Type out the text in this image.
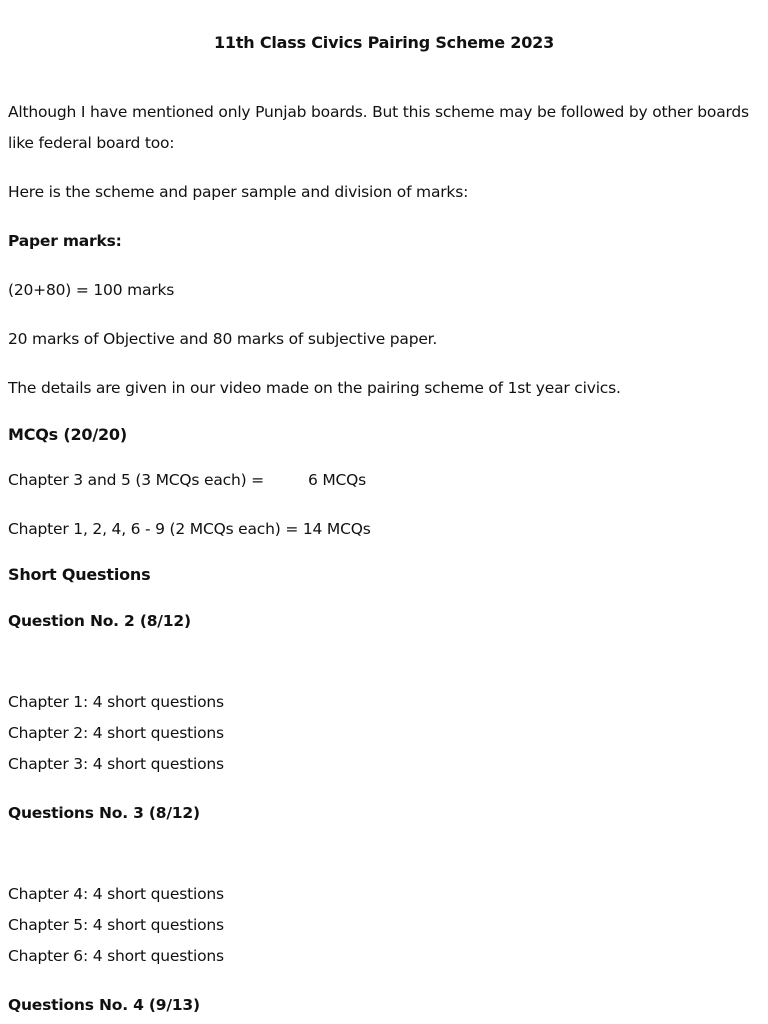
11th Class Civics Pairing Scheme 2023
Although I have mentioned only Punjab boards. But this scheme may be followed by other boards
like federal board too:
Here is the scheme and paper sample and division of marks:
Paper marks:
(20+80) = 100 marks
20 marks of Objective and 80 marks of subjective paper.
The details are given in our video made on the pairing scheme of 1st year civics.
MCQs (20/20)
Chapter 3 and 5 (3 MCQs each) =	6 MCQs
Chapter 1, 2, 4, 6 - 9 (2 MCQs each) = 14 MCQs
Short Questions
Question No. 2 (8/12)
Chapter 1: 4 short questions
Chapter 2: 4 short questions
Chapter 3: 4 short questions
Questions No. 3 (8/12)
Chapter 4: 4 short questions
Chapter 5: 4 short questions
Chapter 6: 4 short questions
Questions No. 4 (9/13)
